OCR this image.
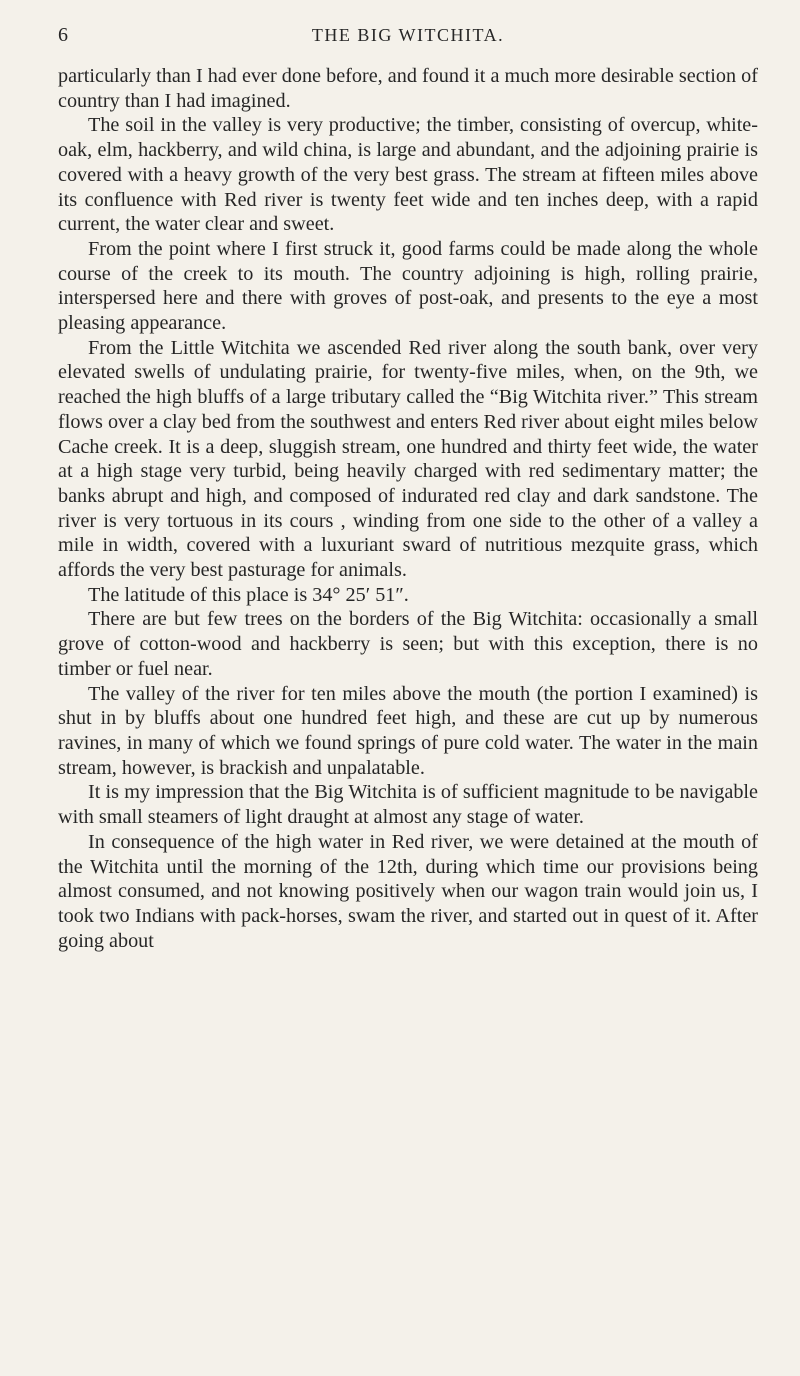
6	THE BIG WITCHITA.

particularly than I had ever done before, and found it a much more desirable section of country than I had imagined.

The soil in the valley is very productive; the timber, consisting of overcup, white-oak, elm, hackberry, and wild china, is large and abundant, and the adjoining prairie is covered with a heavy growth of the very best grass. The stream at fifteen miles above its confluence with Red river is twenty feet wide and ten inches deep, with a rapid current, the water clear and sweet.

From the point where I first struck it, good farms could be made along the whole course of the creek to its mouth. The country adjoining is high, rolling prairie, interspersed here and there with groves of post-oak, and presents to the eye a most pleasing appearance.

From the Little Witchita we ascended Red river along the south bank, over very elevated swells of undulating prairie, for twenty-five miles, when, on the 9th, we reached the high bluffs of a large tributary called the “Big Witchita river.” This stream flows over a clay bed from the southwest and enters Red river about eight miles below Cache creek. It is a deep, sluggish stream, one hundred and thirty feet wide, the water at a high stage very turbid, being heavily charged with red sedimentary matter; the banks abrupt and high, and composed of indurated red clay and dark sandstone. The river is very tortuous in its cours , winding from one side to the other of a valley a mile in width, covered with a luxuriant sward of nutritious mezquite grass, which affords the very best pasturage for animals.

The latitude of this place is 34° 25′ 51″.

There are but few trees on the borders of the Big Witchita: occasionally a small grove of cotton-wood and hackberry is seen; but with this exception, there is no timber or fuel near.

The valley of the river for ten miles above the mouth (the portion I examined) is shut in by bluffs about one hundred feet high, and these are cut up by numerous ravines, in many of which we found springs of pure cold water. The water in the main stream, however, is brackish and unpalatable.

It is my impression that the Big Witchita is of sufficient magnitude to be navigable with small steamers of light draught at almost any stage of water.

In consequence of the high water in Red river, we were detained at the mouth of the Witchita until the morning of the 12th, during which time our provisions being almost consumed, and not knowing positively when our wagon train would join us, I took two Indians with pack-horses, swam the river, and started out in quest of it. After going about
